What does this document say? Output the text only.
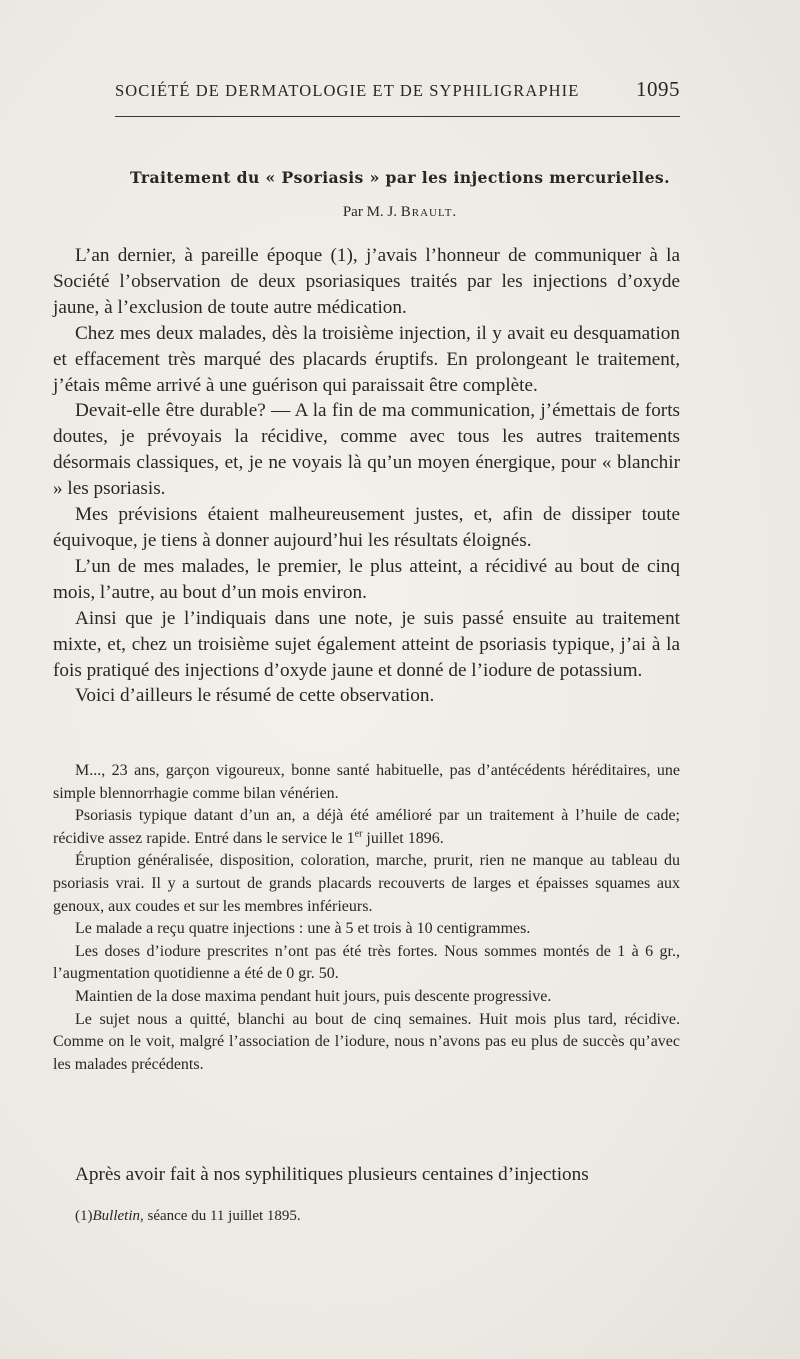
SOCIÉTÉ DE DERMATOLOGIE ET DE SYPHILIGRAPHIE	1095
Traitement du « Psoriasis » par les injections mercurielles.
Par M. J. Brault.

L’an dernier, à pareille époque (1), j’avais l’honneur de communiquer à la Société l’observation de deux psoriasiques traités par les injections d’oxyde jaune, à l’exclusion de toute autre médication.

Chez mes deux malades, dès la troisième injection, il y avait eu desquamation et effacement très marqué des placards éruptifs. En prolongeant le traitement, j’étais même arrivé à une guérison qui paraissait être complète.

Devait-elle être durable? — A la fin de ma communication, j’émettais de forts doutes, je prévoyais la récidive, comme avec tous les autres traitements désormais classiques, et, je ne voyais là qu’un moyen énergique, pour « blanchir » les psoriasis.

Mes prévisions étaient malheureusement justes, et, afin de dissiper toute équivoque, je tiens à donner aujourd’hui les résultats éloignés.

L’un de mes malades, le premier, le plus atteint, a récidivé au bout de cinq mois, l’autre, au bout d’un mois environ.

Ainsi que je l’indiquais dans une note, je suis passé ensuite au traitement mixte, et, chez un troisième sujet également atteint de psoriasis typique, j’ai à la fois pratiqué des injections d’oxyde jaune et donné de l’iodure de potassium.

Voici d’ailleurs le résumé de cette observation.

M..., 23 ans, garçon vigoureux, bonne santé habituelle, pas d’antécédents héréditaires, une simple blennorrhagie comme bilan vénérien.

Psoriasis typique datant d’un an, a déjà été amélioré par un traitement à l’huile de cade; récidive assez rapide. Entré dans le service le 1er juillet 1896.

Éruption généralisée, disposition, coloration, marche, prurit, rien ne manque au tableau du psoriasis vrai. Il y a surtout de grands placards recouverts de larges et épaisses squames aux genoux, aux coudes et sur les membres inférieurs.

Le malade a reçu quatre injections : une à 5 et trois à 10 centigrammes.

Les doses d’iodure prescrites n’ont pas été très fortes. Nous sommes montés de 1 à 6 gr., l’augmentation quotidienne a été de 0 gr. 50.

Maintien de la dose maxima pendant huit jours, puis descente progressive.

Le sujet nous a quitté, blanchi au bout de cinq semaines. Huit mois plus tard, récidive. Comme on le voit, malgré l’association de l’iodure, nous n’avons pas eu plus de succès qu’avec les malades précédents.

Après avoir fait à nos syphilitiques plusieurs centaines d’injections

(1)Bulletin, séance du 11 juillet 1895.
